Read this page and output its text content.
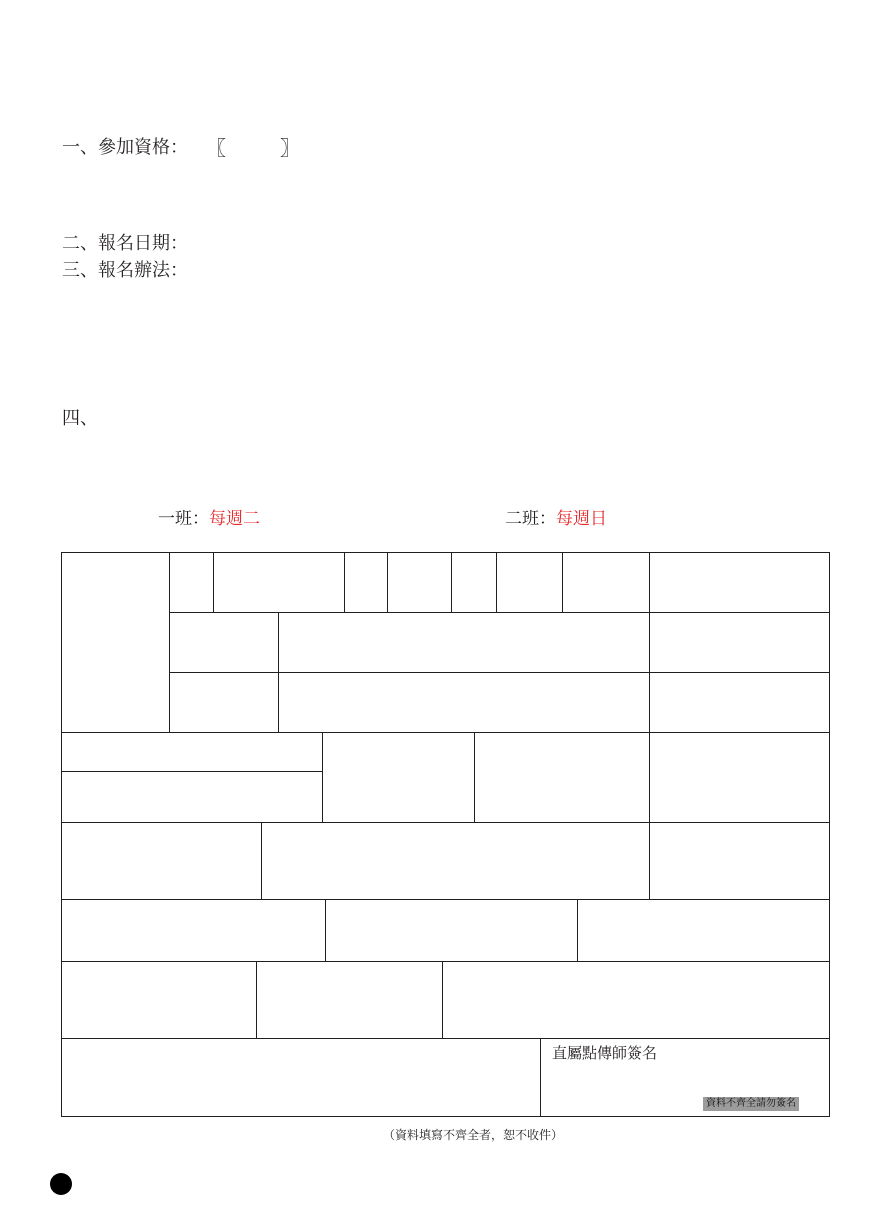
一、參加資格： 〖	〗
二、報名日期：
三、報名辦法：
四、
一班：每週二	二班：每週日
直屬點傳師簽名
資料不齊全請勿簽名
（資料填寫不齊全者，恕不收件）
